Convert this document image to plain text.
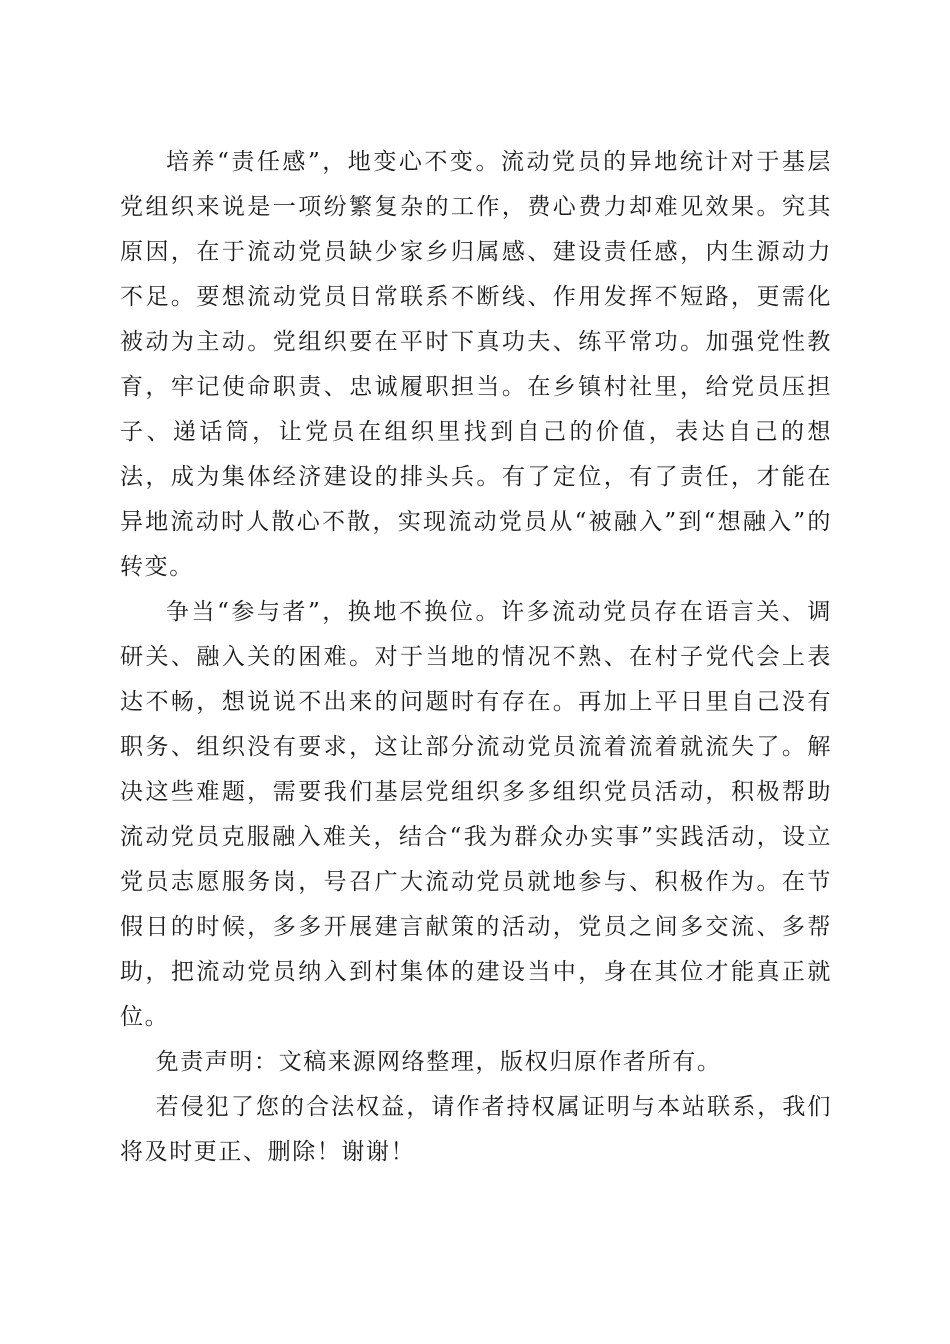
培养“责任感”，地变心不变。流动党员的异地统计对于基层党组织来说是一项纷繁复杂的工作，费心费力却难见效果。究其原因，在于流动党员缺少家乡归属感、建设责任感，内生源动力不足。要想流动党员日常联系不断线、作用发挥不短路，更需化被动为主动。党组织要在平时下真功夫、练平常功。加强党性教育，牢记使命职责、忠诚履职担当。在乡镇村社里，给党员压担子、递话筒，让党员在组织里找到自己的价值，表达自己的想法，成为集体经济建设的排头兵。有了定位，有了责任，才能在异地流动时人散心不散，实现流动党员从“被融入”到“想融入”的转变。

争当“参与者”，换地不换位。许多流动党员存在语言关、调研关、融入关的困难。对于当地的情况不熟、在村子党代会上表达不畅，想说说不出来的问题时有存在。再加上平日里自己没有职务、组织没有要求，这让部分流动党员流着流着就流失了。解决这些难题，需要我们基层党组织多多组织党员活动，积极帮助流动党员克服融入难关，结合“我为群众办实事”实践活动，设立党员志愿服务岗，号召广大流动党员就地参与、积极作为。在节假日的时候，多多开展建言献策的活动，党员之间多交流、多帮助，把流动党员纳入到村集体的建设当中，身在其位才能真正就位。

免责声明：文稿来源网络整理，版权归原作者所有。

若侵犯了您的合法权益，请作者持权属证明与本站联系，我们将及时更正、删除！谢谢！
